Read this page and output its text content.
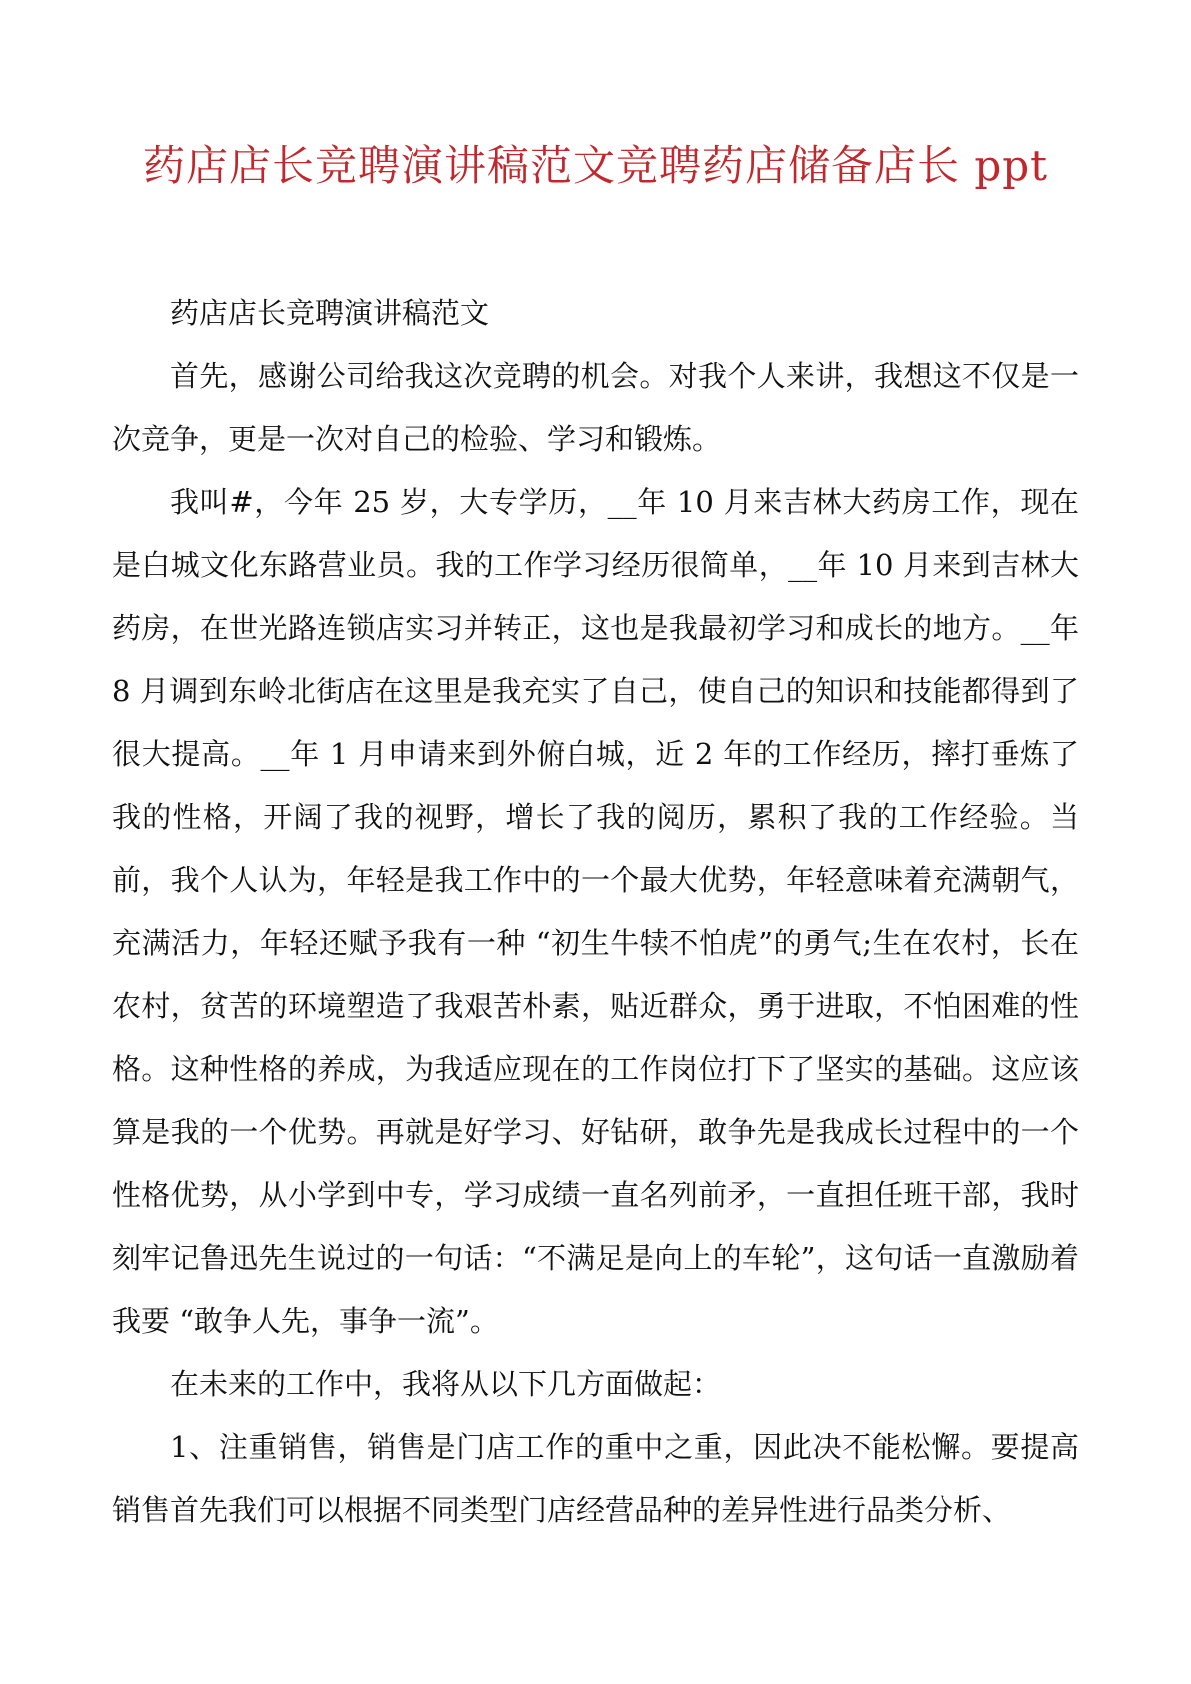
药店店长竞聘演讲稿范文竞聘药店储备店长 ppt

药店店长竞聘演讲稿范文

首先，感谢公司给我这次竞聘的机会。对我个人来讲，我想这不仅是一次竞争，更是一次对自己的检验、学习和锻炼。

我叫#，今年 25 岁，大专学历，__年 10 月来吉林大药房工作，现在是白城文化东路营业员。我的工作学习经历很简单，__年 10 月来到吉林大药房，在世光路连锁店实习并转正，这也是我最初学习和成长的地方。__年 8 月调到东岭北街店在这里是我充实了自己，使自己的知识和技能都得到了很大提高。__年 1 月申请来到外俯白城，近 2 年的工作经历，摔打垂炼了我的性格，开阔了我的视野，增长了我的阅历，累积了我的工作经验。当前，我个人认为，年轻是我工作中的一个最大优势，年轻意味着充满朝气，充满活力，年轻还赋予我有一种 “初生牛犊不怕虎”的勇气;生在农村，长在农村，贫苦的环境塑造了我艰苦朴素，贴近群众，勇于进取，不怕困难的性格。这种性格的养成，为我适应现在的工作岗位打下了坚实的基础。这应该算是我的一个优势。再就是好学习、好钻研，敢争先是我成长过程中的一个性格优势，从小学到中专，学习成绩一直名列前矛，一直担任班干部，我时刻牢记鲁迅先生说过的一句话：“不满足是向上的车轮”，这句话一直激励着我要 “敢争人先，事争一流”。

在未来的工作中，我将从以下几方面做起：

1、注重销售，销售是门店工作的重中之重，因此决不能松懈。要提高销售首先我们可以根据不同类型门店经营品种的差异性进行品类分析、
